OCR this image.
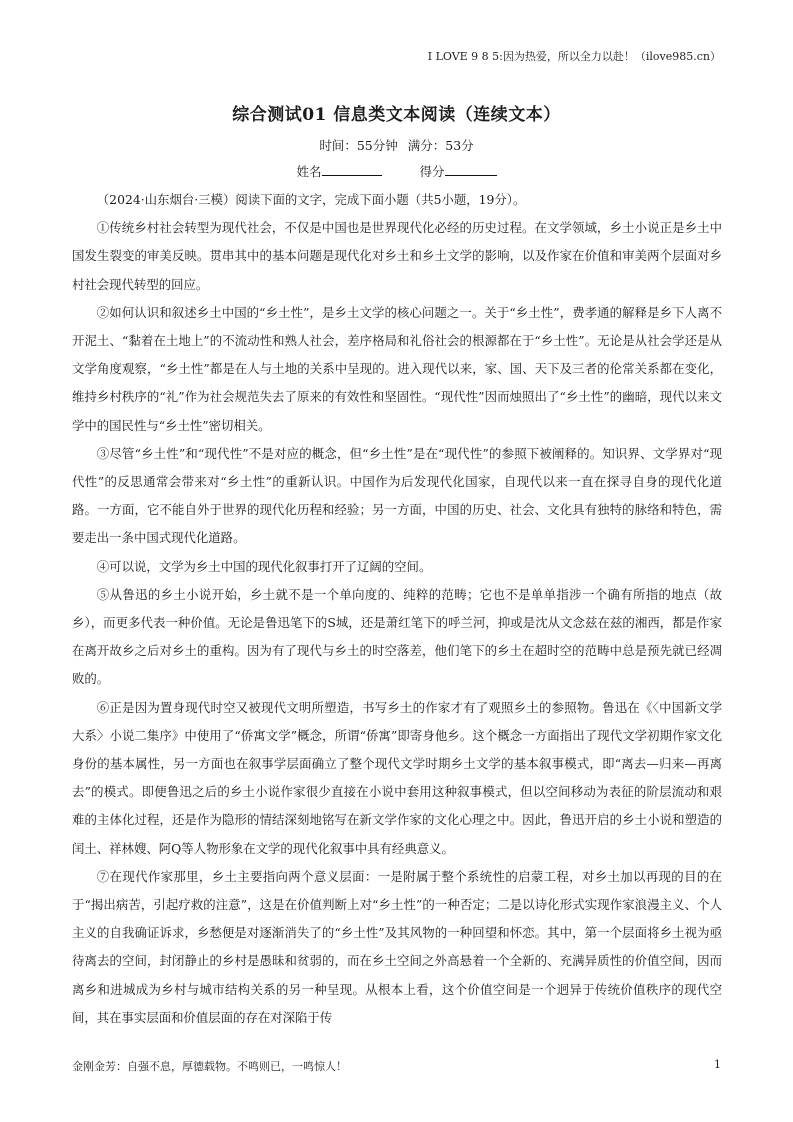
I LOVE 9 8 5:因为热爱，所以全力以赴！（ilove985.cn）
综合测试01 信息类文本阅读（连续文本）
时间：55分钟 满分：53分
姓名	得分

（2024·山东烟台·三模）阅读下面的文字，完成下面小题（共5小题，19分）。

①传统乡村社会转型为现代社会，不仅是中国也是世界现代化必经的历史过程。在文学领域，乡土小说正是乡土中国发生裂变的审美反映。贯串其中的基本问题是现代化对乡土和乡土文学的影响，以及作家在价值和审美两个层面对乡村社会现代转型的回应。

②如何认识和叙述乡土中国的“乡土性”，是乡土文学的核心问题之一。关于“乡土性”，费孝通的解释是乡下人离不开泥土、“黏着在土地上”的不流动性和熟人社会，差序格局和礼俗社会的根源都在于“乡土性”。无论是从社会学还是从文学角度观察，“乡土性”都是在人与土地的关系中呈现的。进入现代以来，家、国、天下及三者的伦常关系都在变化，维持乡村秩序的“礼”作为社会规范失去了原来的有效性和坚固性。“现代性”因而烛照出了“乡土性”的幽暗，现代以来文学中的国民性与“乡土性”密切相关。

③尽管“乡土性”和“现代性”不是对应的概念，但“乡土性”是在“现代性”的参照下被阐释的。知识界、文学界对“现代性”的反思通常会带来对“乡土性”的重新认识。中国作为后发现代化国家，自现代以来一直在探寻自身的现代化道路。一方面，它不能自外于世界的现代化历程和经验；另一方面，中国的历史、社会、文化具有独特的脉络和特色，需要走出一条中国式现代化道路。

④可以说，文学为乡土中国的现代化叙事打开了辽阔的空间。

⑤从鲁迅的乡土小说开始，乡土就不是一个单向度的、纯粹的范畴；它也不是单单指涉一个确有所指的地点（故乡），而更多代表一种价值。无论是鲁迅笔下的S城，还是萧红笔下的呼兰河，抑或是沈从文念兹在兹的湘西，都是作家在离开故乡之后对乡土的重构。因为有了现代与乡土的时空落差，他们笔下的乡土在超时空的范畴中总是预先就已经凋败的。

⑥正是因为置身现代时空又被现代文明所塑造，书写乡土的作家才有了观照乡土的参照物。鲁迅在《〈中国新文学大系〉小说二集序》中使用了“侨寓文学”概念，所谓“侨寓”即寄身他乡。这个概念一方面指出了现代文学初期作家文化身份的基本属性，另一方面也在叙事学层面确立了整个现代文学时期乡土文学的基本叙事模式，即“离去—归来—再离去”的模式。即便鲁迅之后的乡土小说作家很少直接在小说中套用这种叙事模式，但以空间移动为表征的阶层流动和艰难的主体化过程，还是作为隐形的情结深刻地铭写在新文学作家的文化心理之中。因此，鲁迅开启的乡土小说和塑造的闰土、祥林嫂、阿Q等人物形象在文学的现代化叙事中具有经典意义。

⑦在现代作家那里，乡土主要指向两个意义层面：一是附属于整个系统性的启蒙工程，对乡土加以再现的目的在于“揭出病苦，引起疗救的注意”，这是在价值判断上对“乡土性”的一种否定；二是以诗化形式实现作家浪漫主义、个人主义的自我确证诉求，乡愁便是对逐渐消失了的“乡土性”及其风物的一种回望和怀恋。其中，第一个层面将乡土视为亟待离去的空间，封闭静止的乡村是愚昧和贫弱的，而在乡土空间之外高悬着一个全新的、充满异质性的价值空间，因而离乡和进城成为乡村与城市结构关系的另一种呈现。从根本上看，这个价值空间是一个迥异于传统价值秩序的现代空间，其在事实层面和价值层面的存在对深陷于传

金刚金芳：自强不息，厚德载物。不鸣则已，一鸣惊人！	1
